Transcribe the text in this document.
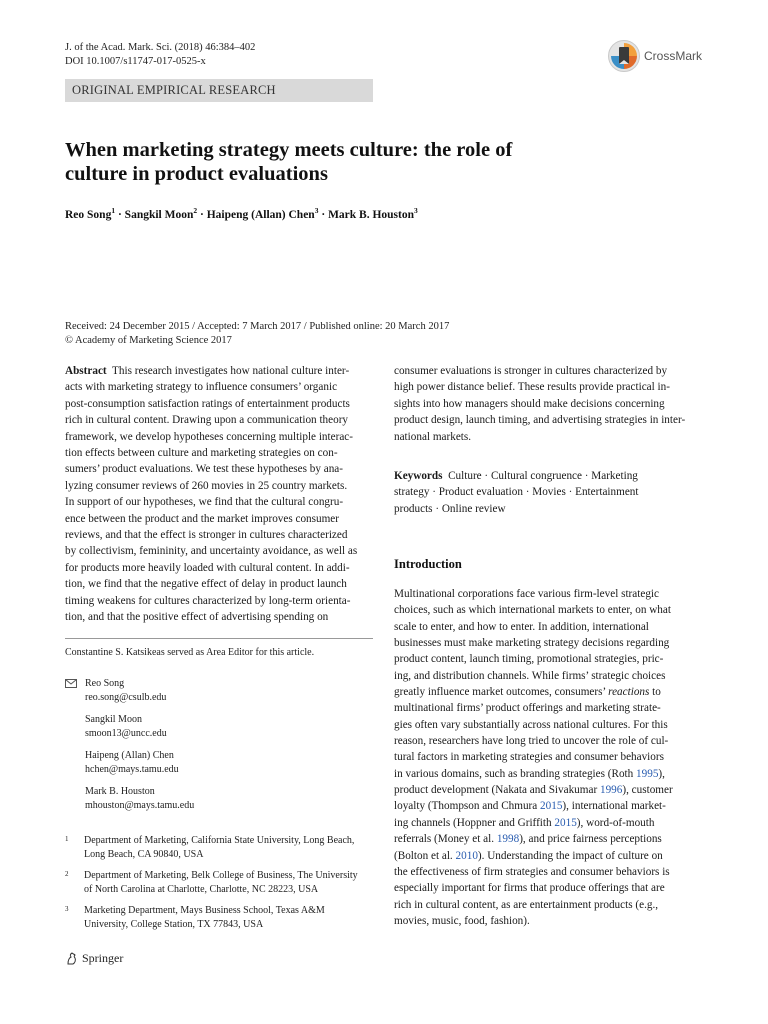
J. of the Acad. Mark. Sci. (2018) 46:384–402
DOI 10.1007/s11747-017-0525-x	CrossMark
ORIGINAL EMPIRICAL RESEARCH
When marketing strategy meets culture: the role of culture in product evaluations
Reo Song$^1$ · Sangkil Moon$^2$ · Haipeng (Allan) Chen$^3$ · Mark B. Houston$^3$
Received: 24 December 2015 / Accepted: 7 March 2017 / Published online: 20 March 2017
© Academy of Marketing Science 2017
Abstract This research investigates how national culture inter-
acts with marketing strategy to influence consumers’ organic
post-consumption satisfaction ratings of entertainment products
rich in cultural content. Drawing upon a communication theory
framework, we develop hypotheses concerning multiple interac-
tion effects between culture and marketing strategies on con-
sumers’ product evaluations. We test these hypotheses by ana-
lyzing consumer reviews of 260 movies in 25 country markets.
In support of our hypotheses, we find that the cultural congru-
ence between the product and the market improves consumer
reviews, and that the effect is stronger in cultures characterized
by collectivism, femininity, and uncertainty avoidance, as well as
for products more heavily loaded with cultural content. In addi-
tion, we find that the negative effect of delay in product launch
timing weakens for cultures characterized by long-term orienta-
tion, and that the positive effect of advertising spending on
Constantine S. Katsikeas served as Area Editor for this article.
Reo Song
reo.song@csulb.edu
Sangkil Moon
smoon13@uncc.edu
Haipeng (Allan) Chen
hchen@mays.tamu.edu
Mark B. Houston
mhouston@mays.tamu.edu
1 Department of Marketing, California State University, Long Beach,
Long Beach, CA 90840, USA
2 Department of Marketing, Belk College of Business, The University
of North Carolina at Charlotte, Charlotte, NC 28223, USA
3 Marketing Department, Mays Business School, Texas A&M
University, College Station, TX 77843, USA
consumer evaluations is stronger in cultures characterized by
high power distance belief. These results provide practical in-
sights into how managers should make decisions concerning
product design, launch timing, and advertising strategies in inter-
national markets.
Keywords Culture · Cultural congruence · Marketing
strategy · Product evaluation · Movies · Entertainment
products · Online review
Introduction
Multinational corporations face various firm-level strategic
choices, such as which international markets to enter, on what
scale to enter, and how to enter. In addition, international
businesses must make marketing strategy decisions regarding
product content, launch timing, promotional strategies, pric-
ing, and distribution channels. While firms’ strategic choices
greatly influence market outcomes, consumers’ reactions to
multinational firms’ product offerings and marketing strate-
gies often vary substantially across national cultures. For this
reason, researchers have long tried to uncover the role of cul-
tural factors in marketing strategies and consumer behaviors
in various domains, such as branding strategies (Roth 1995),
product development (Nakata and Sivakumar 1996), customer
loyalty (Thompson and Chmura 2015), international market-
ing channels (Hoppner and Griffith 2015), word-of-mouth
referrals (Money et al. 1998), and price fairness perceptions
(Bolton et al. 2010). Understanding the impact of culture on
the effectiveness of firm strategies and consumer behaviors is
especially important for firms that produce offerings that are
rich in cultural content, as are entertainment products (e.g.,
movies, music, food, fashion).
Springer
